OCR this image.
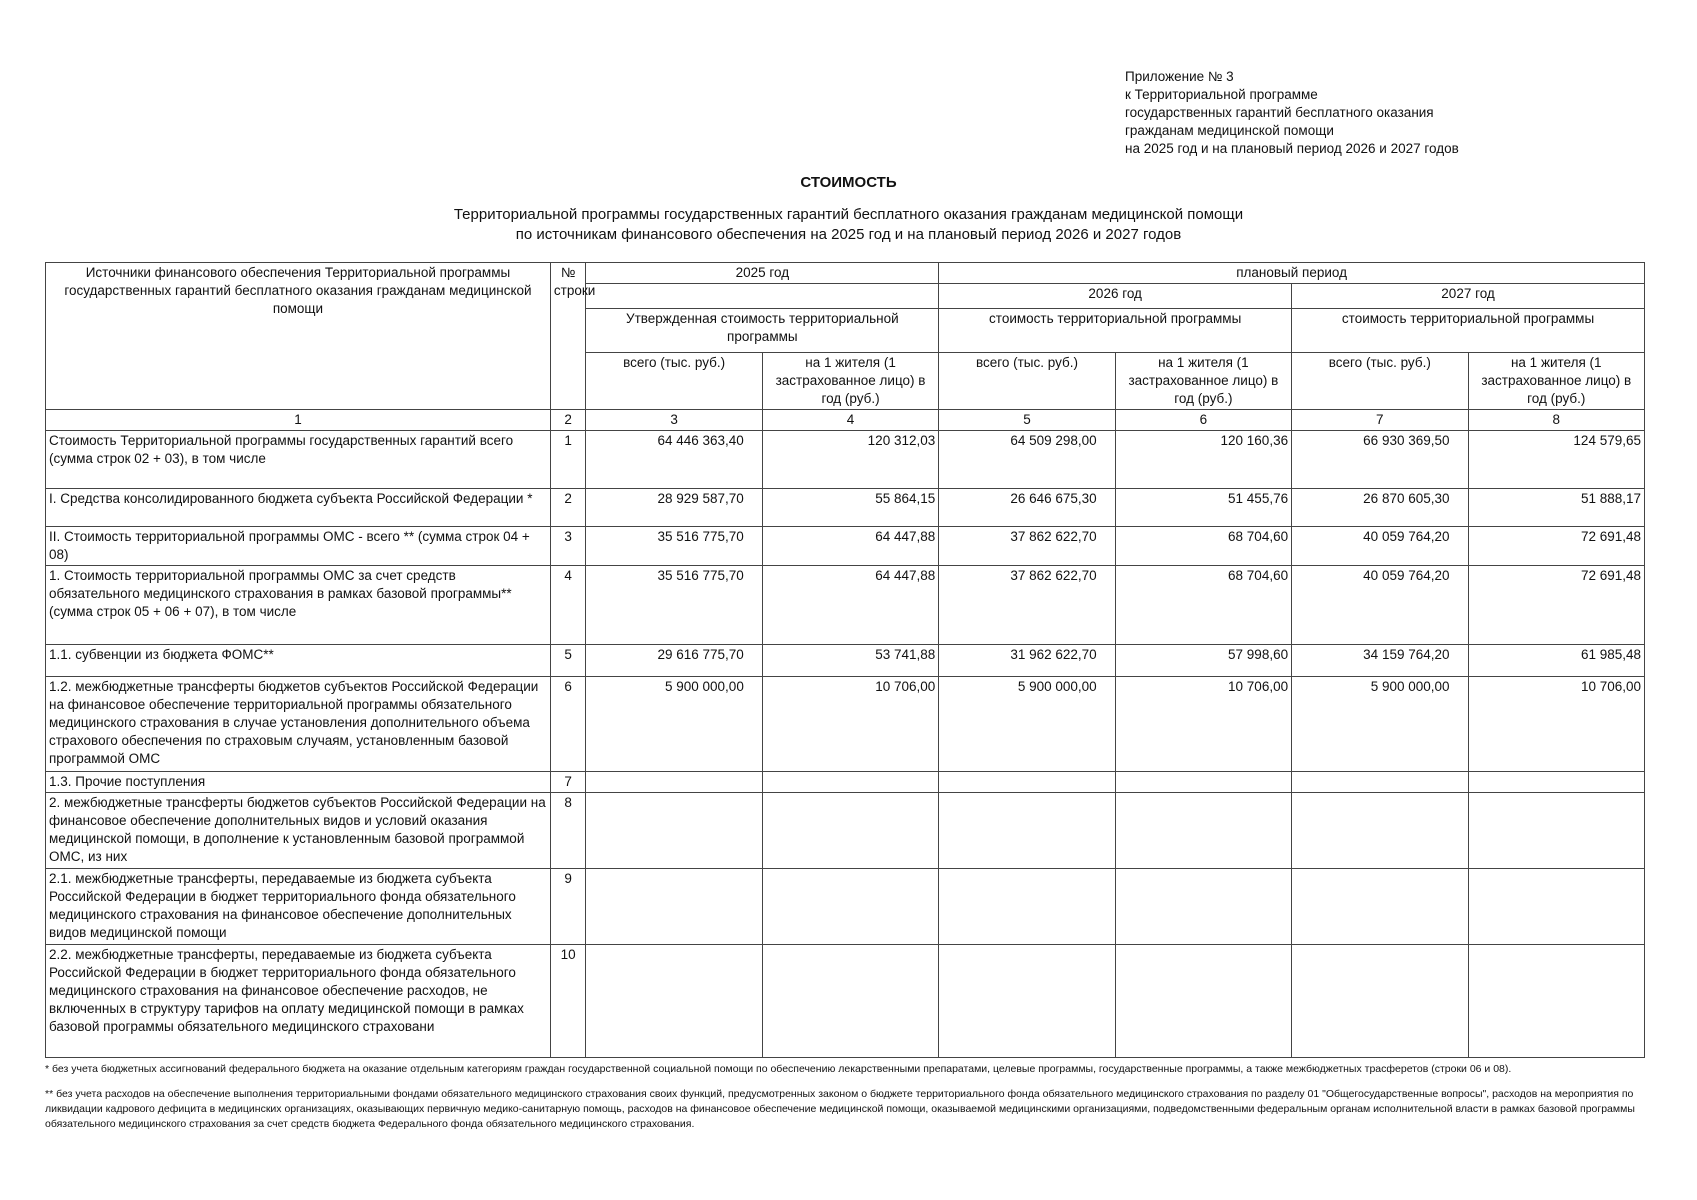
Приложение № 3
к Территориальной программе
государственных гарантий бесплатного оказания
гражданам медицинской помощи
на 2025 год и на плановый период 2026 и 2027 годов
СТОИМОСТЬ
Территориальной программы государственных гарантий бесплатного оказания гражданам медицинской помощи
по источникам финансового обеспечения на 2025 год и на плановый период 2026 и 2027 годов
Источники финансового обеспечения Территориальной программы государственных гарантий бесплатного оказания гражданам медицинской помощи	№ строки	2025 год		плановый период			
				2026 год		2027 год	
		Утвержденная стоимость территориальной программы		стоимость территориальной программы		стоимость территориальной программы	
		всего (тыс. руб.)	на 1 жителя (1 застрахованное лицо) в год (руб.)	всего (тыс. руб.)	на 1 жителя (1 застрахованное лицо) в год (руб.)	всего (тыс. руб.)	на 1 жителя (1 застрахованное лицо) в год (руб.)
1	2	3	4	5	6	7	8
Стоимость Территориальной программы государственных гарантий всего (сумма строк 02 + 03), в том числе	1	64 446 363,40	120 312,03	64 509 298,00	120 160,36	66 930 369,50	124 579,65
I. Средства консолидированного бюджета субъекта Российской Федерации *	2	28 929 587,70	55 864,15	26 646 675,30	51 455,76	26 870 605,30	51 888,17
II. Стоимость территориальной программы ОМС - всего ** (сумма строк 04 + 08)	3	35 516 775,70	64 447,88	37 862 622,70	68 704,60	40 059 764,20	72 691,48
1. Стоимость территориальной программы ОМС за счет средств обязательного медицинского страхования в рамках базовой программы** (сумма строк 05 + 06 + 07), в том числе	4	35 516 775,70	64 447,88	37 862 622,70	68 704,60	40 059 764,20	72 691,48
1.1. субвенции из бюджета ФОМС**	5	29 616 775,70	53 741,88	31 962 622,70	57 998,60	34 159 764,20	61 985,48
1.2. межбюджетные трансферты бюджетов субъектов Российской Федерации на финансовое обеспечение территориальной программы обязательного медицинского страхования в случае установления дополнительного объема страхового обеспечения по страховым случаям, установленным базовой программой ОМС	6	5 900 000,00	10 706,00	5 900 000,00	10 706,00	5 900 000,00	10 706,00
1.3. Прочие поступления	7						
2. межбюджетные трансферты бюджетов субъектов Российской Федерации на финансовое обеспечение дополнительных видов и условий оказания медицинской помощи, в дополнение к установленным базовой программой ОМС, из них	8						
2.1. межбюджетные трансферты, передаваемые из бюджета субъекта Российской Федерации в бюджет территориального фонда обязательного медицинского страхования на финансовое обеспечение дополнительных видов медицинской помощи	9						
2.2. межбюджетные трансферты, передаваемые из бюджета субъекта Российской Федерации в бюджет территориального фонда обязательного медицинского страхования на финансовое обеспечение расходов, не включенных в структуру тарифов на оплату медицинской помощи в рамках базовой программы обязательного медицинского страховани	10						

* без учета бюджетных ассигнований федерального бюджета на оказание отдельным категориям граждан государственной социальной помощи по обеспечению лекарственными препаратами, целевые программы, государственные программы, а также межбюджетных трасферетов (строки 06 и 08).

** без учета расходов на обеспечение выполнения территориальными фондами обязательного медицинского страхования своих функций, предусмотренных законом о бюджете территориального фонда обязательного медицинского страхования по разделу 01 "Общегосударственные вопросы", расходов на мероприятия по ликвидации кадрового дефицита в медицинских организациях, оказывающих первичную медико-санитарную помощь, расходов на финансовое обеспечение медицинской помощи, оказываемой медицинскими организациями, подведомственными федеральным органам исполнительной власти в рамках базовой программы обязательного медицинского страхования за счет средств бюджета Федерального фонда обязательного медицинского страхования.
